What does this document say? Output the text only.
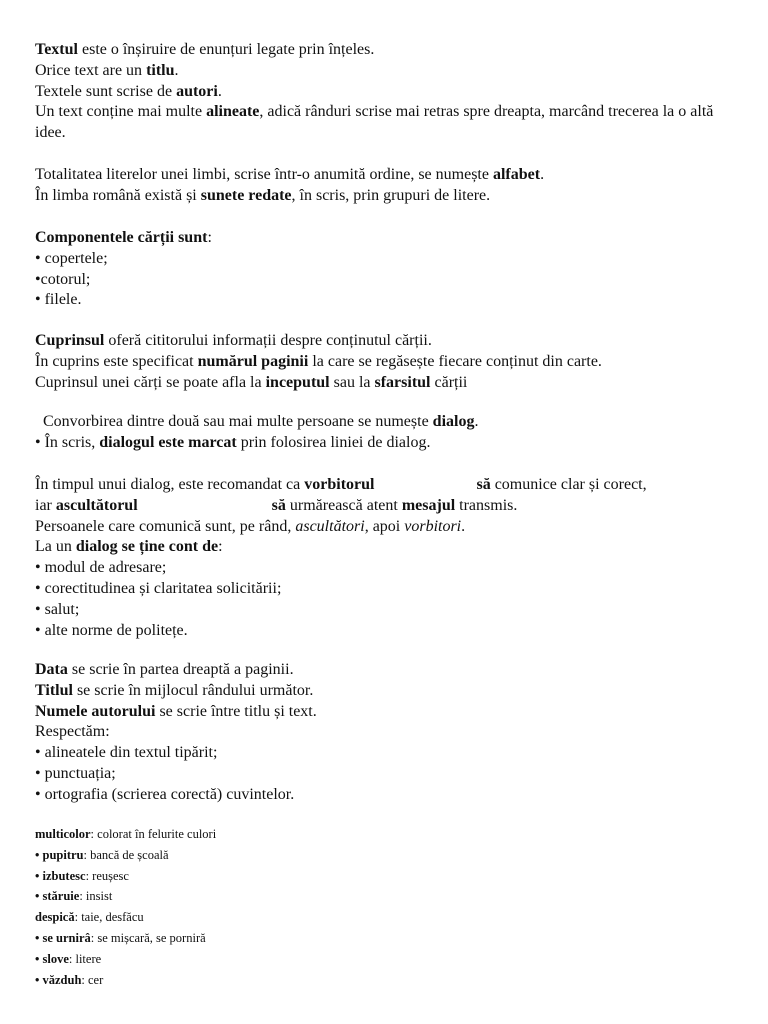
Textul este o înșiruire de enunțuri legate prin înțeles.
Orice text are un titlu.
Textele sunt scrise de autori.
Un text conține mai multe alineate, adică rânduri scrise mai retras spre dreapta, marcând trecerea la o altă idee.
Totalitatea literelor unei limbi, scrise într-o anumită ordine, se numește alfabet.
În limba română există și sunete redate, în scris, prin grupuri de litere.
Componentele cărții sunt:
• copertele;
•cotorul;
• filele.
Cuprinsul oferă cititorului informații despre conținutul cărții.
În cuprins este specificat numărul paginii la care se regăsește fiecare conținut din carte.
Cuprinsul unei cărți se poate afla la inceputul sau la sfarsitul cărții
Convorbirea dintre două sau mai multe persoane se numește dialog.
• În scris, dialogul este marcat prin folosirea liniei de dialog.
În timpul unui dialog, este recomandat ca vorbitorul	să comunice clar și corect,
iar ascultătorul	să urmărească atent mesajul transmis.
Persoanele care comunică sunt, pe rând, ascultători, apoi vorbitori.
La un dialog se ține cont de:
• modul de adresare;
• corectitudinea și claritatea solicitării;
• salut;
• alte norme de politețe.
Data se scrie în partea dreaptă a paginii.
Titlul se scrie în mijlocul rândului următor.
Numele autorului se scrie între titlu și text.
Respectăm:
• alineatele din textul tipărit;
• punctuația;
• ortografia (scrierea corectă) cuvintelor.
multicolor: colorat în felurite culori
• pupitru: bancă de școală
• izbutesc: reușesc
• stăruie: insist
despică: taie, desfăcu
• se urnirâ: se mișcară, se porniră
• slove: litere
• văzduh: cer
